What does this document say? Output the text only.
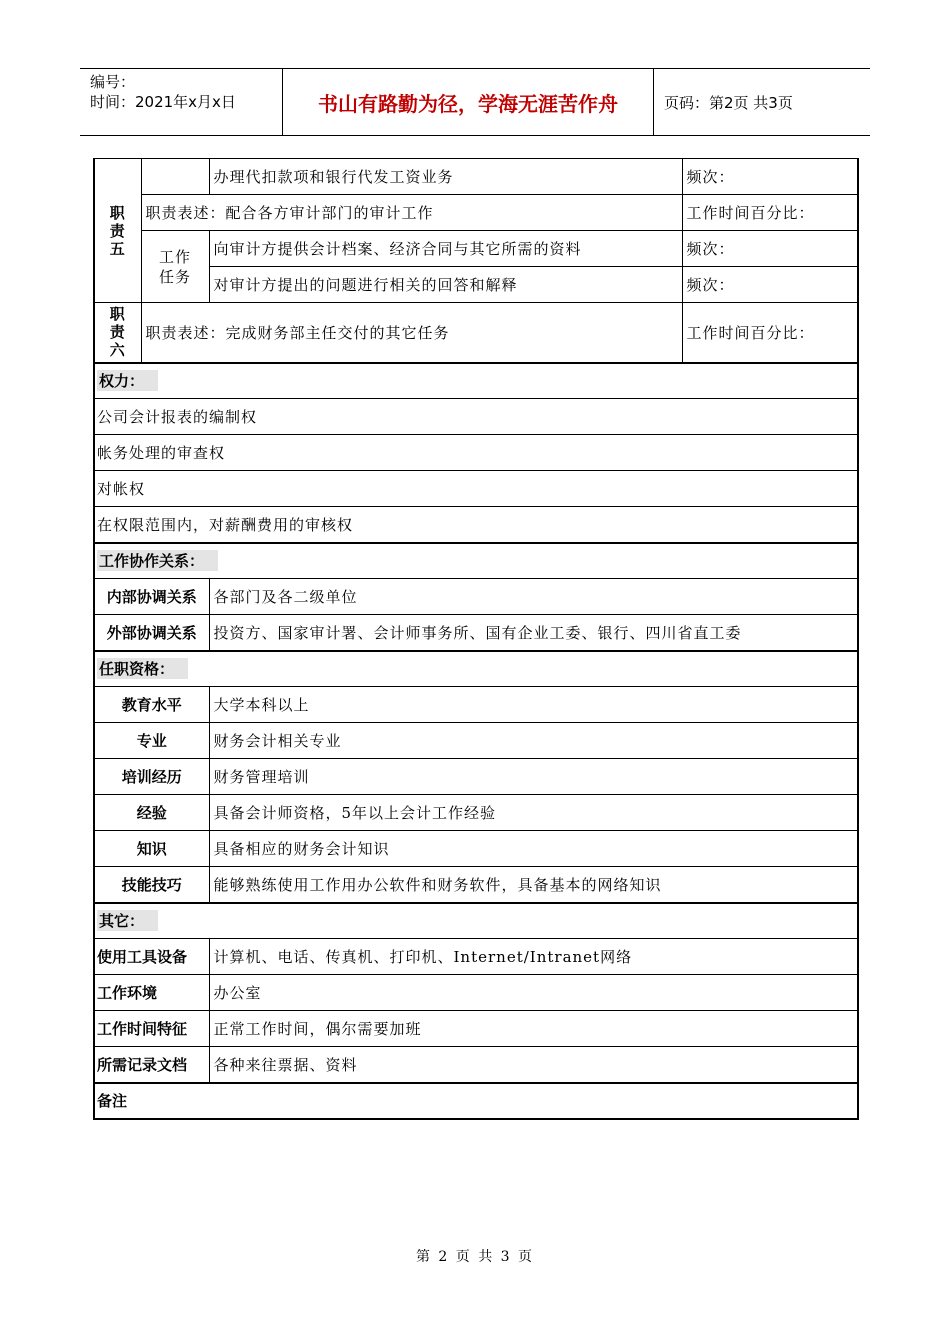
编号：
时间：2021年x月x日	书山有路勤为径，学海无涯苦作舟	页码：第2页 共3页
职责五		办理代扣款项和银行代发工资业务	频次：
	职责表述：配合各方审计部门的审计工作		工作时间百分比：
	工作任务	向审计方提供会计档案、经济合同与其它所需的资料	频次：
		对审计方提出的问题进行相关的回答和解释	频次：
职责六	职责表述：完成财务部主任交付的其它任务		工作时间百分比：
权力：			
公司会计报表的编制权			
帐务处理的审查权			
对帐权			
在权限范围内，对薪酬费用的审核权			
工作协作关系：			
内部协调关系		各部门及各二级单位	
外部协调关系		投资方、国家审计署、会计师事务所、国有企业工委、银行、四川省直工委	
任职资格：			
教育水平		大学本科以上	
专业		财务会计相关专业	
培训经历		财务管理培训	
经验		具备会计师资格，5年以上会计工作经验	
知识		具备相应的财务会计知识	
技能技巧		能够熟练使用工作用办公软件和财务软件，具备基本的网络知识	
其它：			
使用工具设备		计算机、电话、传真机、打印机、Internet/Intranet网络	
工作环境		办公室	
工作时间特征		正常工作时间，偶尔需要加班	
所需记录文档		各种来往票据、资料	
备注			
第 2 页 共 3 页
